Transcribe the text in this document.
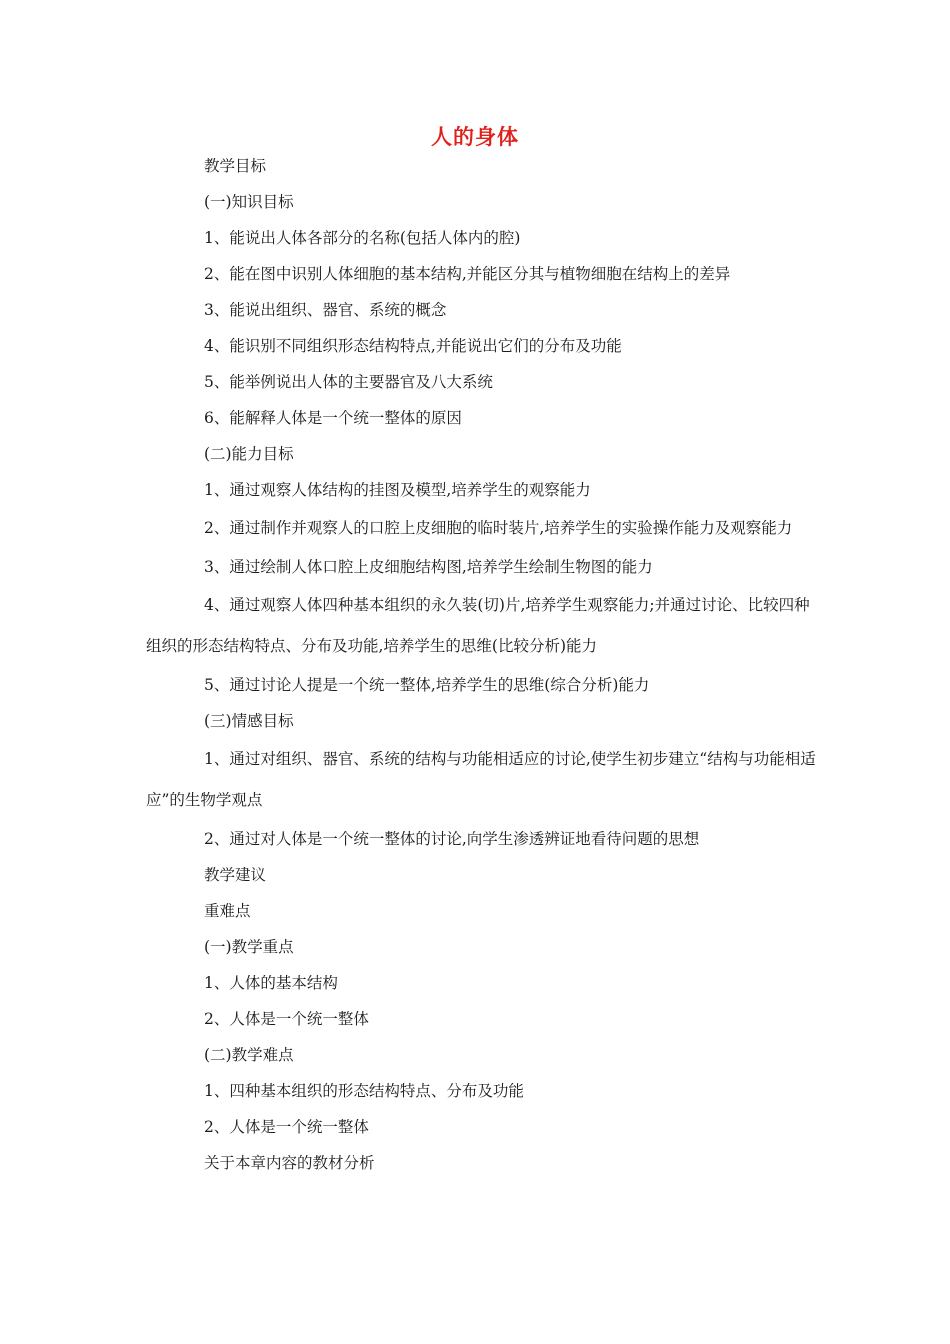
人的身体

教学目标

(一)知识目标

1、能说出人体各部分的名称(包括人体内的腔)

2、能在图中识别人体细胞的基本结构,并能区分其与植物细胞在结构上的差异

3、能说出组织、器官、系统的概念

4、能识别不同组织形态结构特点,并能说出它们的分布及功能

5、能举例说出人体的主要器官及八大系统

6、能解释人体是一个统一整体的原因

(二)能力目标

1、通过观察人体结构的挂图及模型,培养学生的观察能力

2、通过制作并观察人的口腔上皮细胞的临时装片,培养学生的实验操作能力及观察能力

3、通过绘制人体口腔上皮细胞结构图,培养学生绘制生物图的能力

4、通过观察人体四种基本组织的永久装(切)片,培养学生观察能力;并通过讨论、比较四种组织的形态结构特点、分布及功能,培养学生的思维(比较分析)能力

5、通过讨论人提是一个统一整体,培养学生的思维(综合分析)能力

(三)情感目标

1、通过对组织、器官、系统的结构与功能相适应的讨论,使学生初步建立“结构与功能相适应”的生物学观点

2、通过对人体是一个统一整体的讨论,向学生渗透辨证地看待问题的思想

教学建议

重难点

(一)教学重点

1、人体的基本结构

2、人体是一个统一整体

(二)教学难点

1、四种基本组织的形态结构特点、分布及功能

2、人体是一个统一整体

关于本章内容的教材分析
